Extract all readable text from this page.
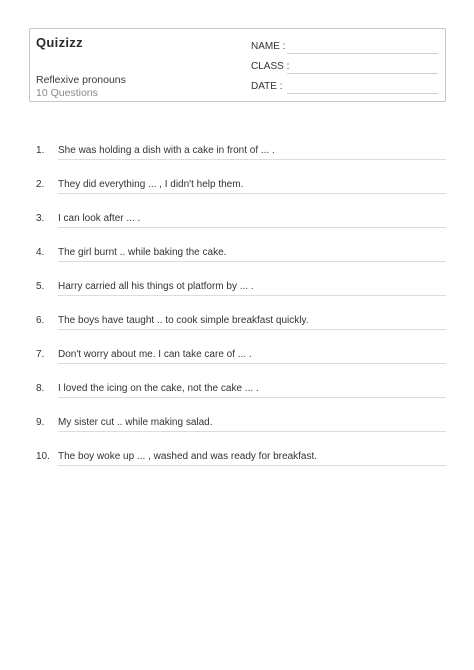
Quizizz
Reflexive pronouns
10 Questions
NAME :
CLASS :
DATE :
1. She was holding a dish with a cake in front of ... .
2. They did everything ... , I didn't help them.
3. I can look after ... .
4. The girl burnt .. while baking the cake.
5. Harry carried all his things ot platform by ... .
6. The boys have taught .. to cook simple breakfast quickly.
7. Don't worry about me. I can take care of ... .
8. I loved the icing on the cake, not the cake ... .
9. My sister cut .. while making salad.
10. The boy woke up ... , washed and was ready for breakfast.
